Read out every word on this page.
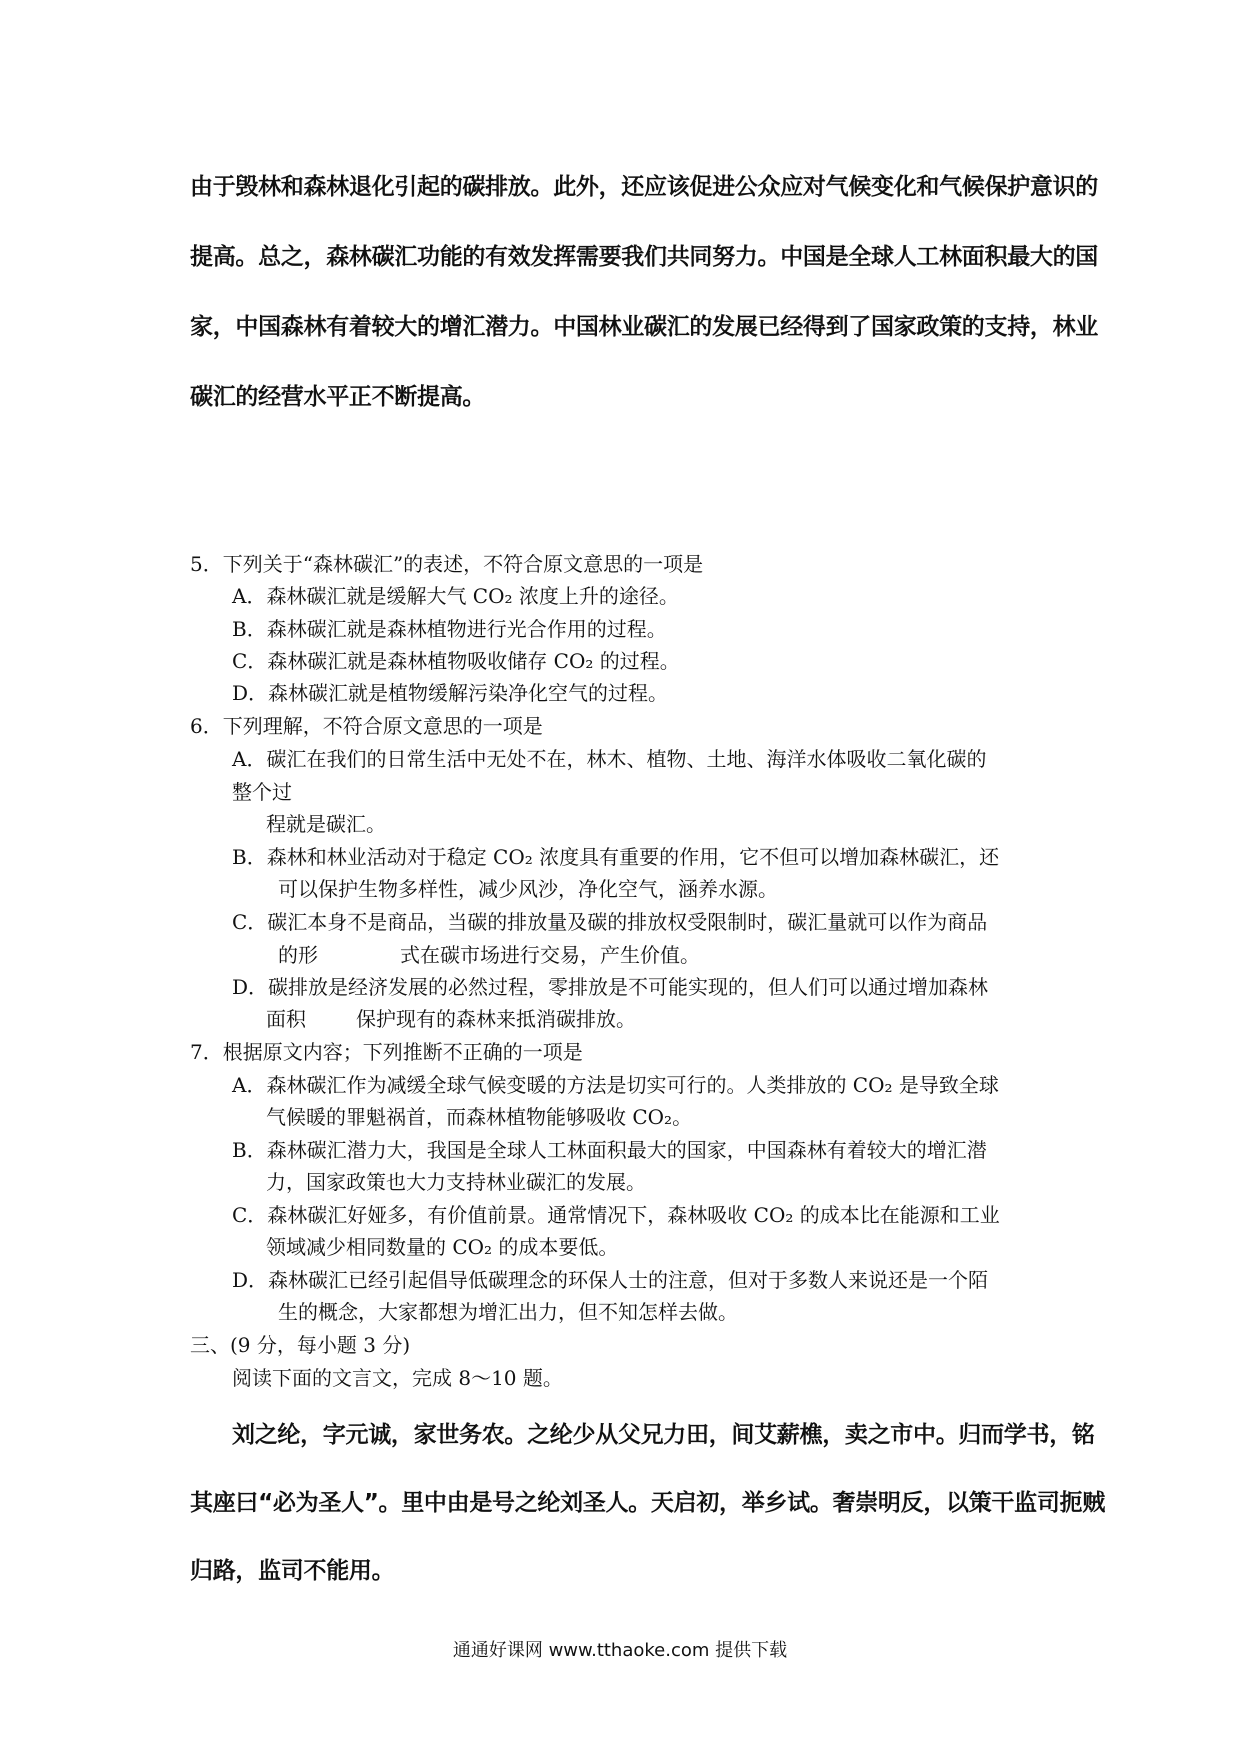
由于毁林和森林退化引起的碳排放。此外，还应该促进公众应对气候变化和气候保护意识的
提高。总之，森林碳汇功能的有效发挥需要我们共同努力。中国是全球人工林面积最大的国
家，中国森林有着较大的增汇潜力。中国林业碳汇的发展已经得到了国家政策的支持，林业
碳汇的经营水平正不断提高。
5．下列关于“森林碳汇”的表述，不符合原文意思的一项是
A．森林碳汇就是缓解大气 CO₂ 浓度上升的途径。
B．森林碳汇就是森林植物进行光合作用的过程。
C．森林碳汇就是森林植物吸收储存 CO₂ 的过程。
D．森林碳汇就是植物缓解污染净化空气的过程。
6．下列理解，不符合原文意思的一项是
A．碳汇在我们的日常生活中无处不在，林木、植物、土地、海洋水体吸收二氧化碳的
整个过
程就是碳汇。
B．森林和林业活动对于稳定 CO₂ 浓度具有重要的作用，它不但可以增加森林碳汇，还
可以保护生物多样性，减少风沙，净化空气，涵养水源。
C．碳汇本身不是商品，当碳的排放量及碳的排放权受限制时，碳汇量就可以作为商品
的形	式在碳市场进行交易，产生价值。
D．碳排放是经济发展的必然过程，零排放是不可能实现的，但人们可以通过增加森林
面积	保护现有的森林来抵消碳排放。
7．根据原文内容；下列推断不正确的一项是
A．森林碳汇作为减缓全球气候变暖的方法是切实可行的。人类排放的 CO₂ 是导致全球
气候暖的罪魁祸首，而森林植物能够吸收 CO₂。
B．森林碳汇潜力大，我国是全球人工林面积最大的国家，中国森林有着较大的增汇潜
力，国家政策也大力支持林业碳汇的发展。
C．森林碳汇好娅多，有价值前景。通常情况下，森林吸收 CO₂ 的成本比在能源和工业
领域减少相同数量的 CO₂ 的成本要低。
D．森林碳汇已经引起倡导低碳理念的环保人士的注意，但对于多数人来说还是一个陌
生的概念，大家都想为增汇出力，但不知怎样去做。
三、(9 分，每小题 3 分)
阅读下面的文言文，完成 8～10 题。
刘之纶，字元诚，家世务农。之纶少从父兄力田，间艾薪樵，卖之市中。归而学书，铭
其座曰“必为圣人”。里中由是号之纶刘圣人。天启初，举乡试。奢崇明反，以策干监司扼贼
归路，监司不能用。
通通好课网 www.tthaoke.com 提供下载
